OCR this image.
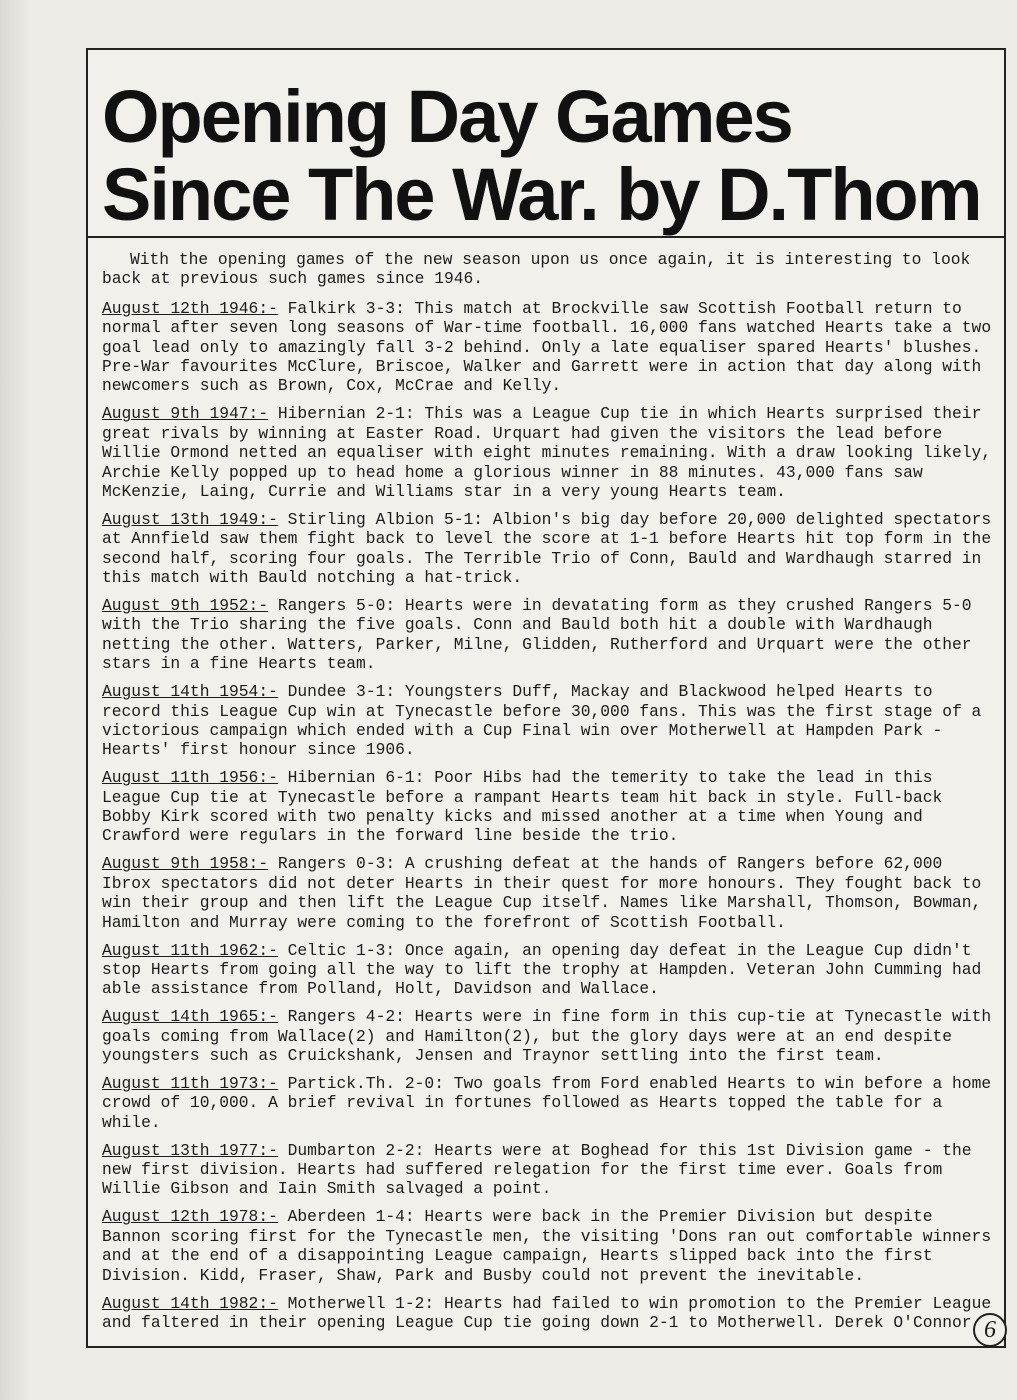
Opening Day Games
Since The War. by D.Thom

With the opening games of the new season upon us once again, it is interesting to look back at previous such games since 1946.

August 12th 1946:- Falkirk 3-3: This match at Brockville saw Scottish Football return to normal after seven long seasons of War-time football. 16,000 fans watched Hearts take a two goal lead only to amazingly fall 3-2 behind. Only a late equaliser spared Hearts' blushes. Pre-War favourites McClure, Briscoe, Walker and Garrett were in action that day along with newcomers such as Brown, Cox, McCrae and Kelly.

August 9th 1947:- Hibernian 2-1: This was a League Cup tie in which Hearts surprised their great rivals by winning at Easter Road. Urquart had given the visitors the lead before Willie Ormond netted an equaliser with eight minutes remaining. With a draw looking likely, Archie Kelly popped up to head home a glorious winner in 88 minutes. 43,000 fans saw McKenzie, Laing, Currie and Williams star in a very young Hearts team.

August 13th 1949:- Stirling Albion 5-1: Albion's big day before 20,000 delighted spectators at Annfield saw them fight back to level the score at 1-1 before Hearts hit top form in the second half, scoring four goals. The Terrible Trio of Conn, Bauld and Wardhaugh starred in this match with Bauld notching a hat-trick.

August 9th 1952:- Rangers 5-0: Hearts were in devatating form as they crushed Rangers 5-0 with the Trio sharing the five goals. Conn and Bauld both hit a double with Wardhaugh netting the other. Watters, Parker, Milne, Glidden, Rutherford and Urquart were the other stars in a fine Hearts team.

August 14th 1954:- Dundee 3-1: Youngsters Duff, Mackay and Blackwood helped Hearts to record this League Cup win at Tynecastle before 30,000 fans. This was the first stage of a victorious campaign which ended with a Cup Final win over Motherwell at Hampden Park - Hearts' first honour since 1906.

August 11th 1956:- Hibernian 6-1: Poor Hibs had the temerity to take the lead in this League Cup tie at Tynecastle before a rampant Hearts team hit back in style. Full-back Bobby Kirk scored with two penalty kicks and missed another at a time when Young and Crawford were regulars in the forward line beside the trio.

August 9th 1958:- Rangers 0-3: A crushing defeat at the hands of Rangers before 62,000 Ibrox spectators did not deter Hearts in their quest for more honours. They fought back to win their group and then lift the League Cup itself. Names like Marshall, Thomson, Bowman, Hamilton and Murray were coming to the forefront of Scottish Football.

August 11th 1962:- Celtic 1-3: Once again, an opening day defeat in the League Cup didn't stop Hearts from going all the way to lift the trophy at Hampden. Veteran John Cumming had able assistance from Polland, Holt, Davidson and Wallace.

August 14th 1965:- Rangers 4-2: Hearts were in fine form in this cup-tie at Tynecastle with goals coming from Wallace(2) and Hamilton(2), but the glory days were at an end despite youngsters such as Cruickshank, Jensen and Traynor settling into the first team.

August 11th 1973:- Partick.Th. 2-0: Two goals from Ford enabled Hearts to win before a home crowd of 10,000. A brief revival in fortunes followed as Hearts topped the table for a while.

August 13th 1977:- Dumbarton 2-2: Hearts were at Boghead for this 1st Division game - the new first division. Hearts had suffered relegation for the first time ever. Goals from Willie Gibson and Iain Smith salvaged a point.

August 12th 1978:- Aberdeen 1-4: Hearts were back in the Premier Division but despite Bannon scoring first for the Tynecastle men, the visiting 'Dons ran out comfortable winners and at the end of a disappointing League campaign, Hearts slipped back into the first Division. Kidd, Fraser, Shaw, Park and Busby could not prevent the inevitable.

August 14th 1982:- Motherwell 1-2: Hearts had failed to win promotion to the Premier League and faltered in their opening League Cup tie going down 2-1 to Motherwell. Derek O'Connor 6
